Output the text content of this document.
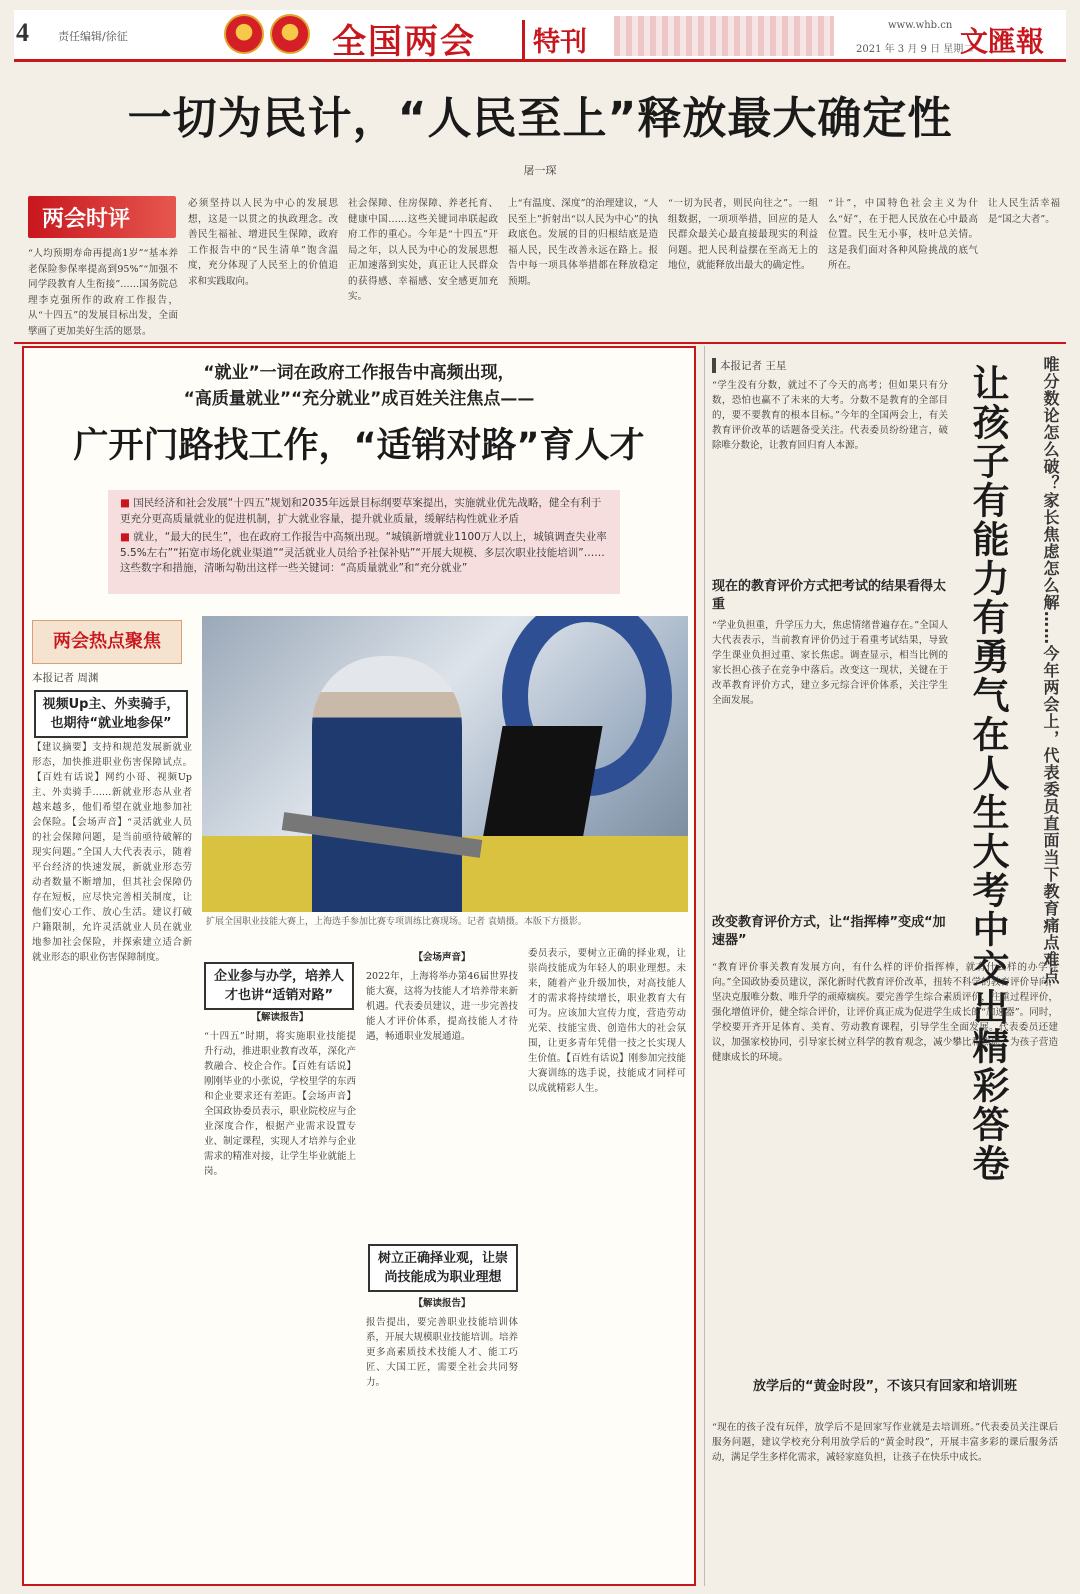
4	责任编辑/徐征	全国两会	特刊
www.whb.cn
2021 年 3 月 9 日 星期二
文匯報
一切为民计，“人民至上”释放最大确定性
屠一琛
两会时评
“人均预期寿命再提高1岁”“基本养老保险参保率提高到95%”“加强不同学段教育人生衔接”……国务院总理李克强所作的政府工作报告，从“十四五”的发展目标出发，全面擘画了更加美好生活的愿景。
必须坚持以人民为中心的发展思想，这是一以贯之的执政理念。改善民生福祉、增进民生保障，政府工作报告中的“民生清单”饱含温度，充分体现了人民至上的价值追求和实践取向。
社会保障、住房保障、养老托育、健康中国……这些关键词串联起政府工作的重心。今年是“十四五”开局之年，以人民为中心的发展思想正加速落到实处，真正让人民群众的获得感、幸福感、安全感更加充实。
上“有温度、深度”的治理建议，“人民至上”折射出“以人民为中心”的执政底色。发展的目的归根结底是造福人民，民生改善永远在路上。报告中每一项具体举措都在释放稳定预期。
“一切为民者，则民向往之”。一组组数据，一项项举措，回应的是人民群众最关心最直接最现实的利益问题。把人民利益摆在至高无上的地位，就能释放出最大的确定性。
“计”，中国特色社会主义为什么“好”，在于把人民放在心中最高位置。民生无小事，枝叶总关情。这是我们面对各种风险挑战的底气所在。
让人民生活幸福是“国之大者”。
“就业”一词在政府工作报告中高频出现，
“高质量就业”“充分就业”成百姓关注焦点——
广开门路找工作，“适销对路”育人才

■ 国民经济和社会发展“十四五”规划和2035年远景目标纲要草案提出，实施就业优先战略，健全有利于更充分更高质量就业的促进机制，扩大就业容量，提升就业质量，缓解结构性就业矛盾

■ 就业，“最大的民生”，也在政府工作报告中高频出现。“城镇新增就业1100万人以上，城镇调查失业率5.5%左右”“拓宽市场化就业渠道”“灵活就业人员给予社保补贴”“开展大规模、多层次职业技能培训”……这些数字和措施，清晰勾勒出这样一些关键词：“高质量就业”和“充分就业”

两会热点聚焦
本报记者 周渊
视频Up主、外卖骑手，也期待“就业地参保”
扩展全国职业技能大赛上，上海选手参加比赛专项训练比赛现场。记者 袁婧摄。本版下方摄影。
【建议摘要】支持和规范发展新就业形态，加快推进职业伤害保障试点。【百姓有话说】网约小哥、视频Up主、外卖骑手……新就业形态从业者越来越多，他们希望在就业地参加社会保险。【会场声音】“灵活就业人员的社会保障问题，是当前亟待破解的现实问题。”全国人大代表表示，随着平台经济的快速发展，新就业形态劳动者数量不断增加，但其社会保障仍存在短板，应尽快完善相关制度，让他们安心工作、放心生活。建议打破户籍限制，允许灵活就业人员在就业地参加社会保险，并探索建立适合新就业形态的职业伤害保障制度。
企业参与办学，培养人才也讲“适销对路”
【解读报告】
“十四五”时期，将实施职业技能提升行动，推进职业教育改革，深化产教融合、校企合作。【百姓有话说】刚刚毕业的小张说，学校里学的东西和企业要求还有差距。【会场声音】全国政协委员表示，职业院校应与企业深度合作，根据产业需求设置专业、制定课程，实现人才培养与企业需求的精准对接，让学生毕业就能上岗。
【会场声音】
2022年，上海将举办第46届世界技能大赛，这将为技能人才培养带来新机遇。代表委员建议，进一步完善技能人才评价体系，提高技能人才待遇，畅通职业发展通道。
树立正确择业观，让崇尚技能成为职业理想
【解读报告】
报告提出，要完善职业技能培训体系，开展大规模职业技能培训。培养更多高素质技术技能人才、能工巧匠、大国工匠，需要全社会共同努力。
委员表示，要树立正确的择业观，让崇尚技能成为年轻人的职业理想。未来，随着产业升级加快，对高技能人才的需求将持续增长，职业教育大有可为。应该加大宣传力度，营造劳动光荣、技能宝贵、创造伟大的社会氛围，让更多青年凭借一技之长实现人生价值。【百姓有话说】刚参加完技能大赛训练的选手说，技能成才同样可以成就精彩人生。
本报记者 王星	唯分数论怎么破？家长焦虑怎么解……今年两会上，代表委员直面当下教育痛点难点
让孩子有能力有勇气在人生大考中交出精彩答卷
“学生没有分数，就过不了今天的高考；但如果只有分数，恐怕也赢不了未来的大考。分数不是教育的全部目的，要不要教育的根本目标。”今年的全国两会上，有关教育评价改革的话题备受关注。代表委员纷纷建言，破除唯分数论，让教育回归育人本源。
现在的教育评价方式把考试的结果看得太重
“学业负担重，升学压力大，焦虑情绪普遍存在。”全国人大代表表示，当前教育评价仍过于看重考试结果，导致学生课业负担过重、家长焦虑。调查显示，相当比例的家长担心孩子在竞争中落后。改变这一现状，关键在于改革教育评价方式，建立多元综合评价体系，关注学生全面发展。
改变教育评价方式，让“指挥棒”变成“加速器”
“教育评价事关教育发展方向，有什么样的评价指挥棒，就有什么样的办学导向。”全国政协委员建议，深化新时代教育评价改革，扭转不科学的教育评价导向，坚决克服唯分数、唯升学的顽瘴痼疾。要完善学生综合素质评价，注重过程评价，强化增值评价，健全综合评价，让评价真正成为促进学生成长的“加速器”。同时，学校要开齐开足体育、美育、劳动教育课程，引导学生全面发展。代表委员还建议，加强家校协同，引导家长树立科学的教育观念，减少攀比和焦虑，为孩子营造健康成长的环境。
放学后的“黄金时段”，不该只有回家和培训班
“现在的孩子没有玩伴，放学后不是回家写作业就是去培训班。”代表委员关注课后服务问题，建议学校充分利用放学后的“黄金时段”，开展丰富多彩的课后服务活动，满足学生多样化需求，减轻家庭负担，让孩子在快乐中成长。
